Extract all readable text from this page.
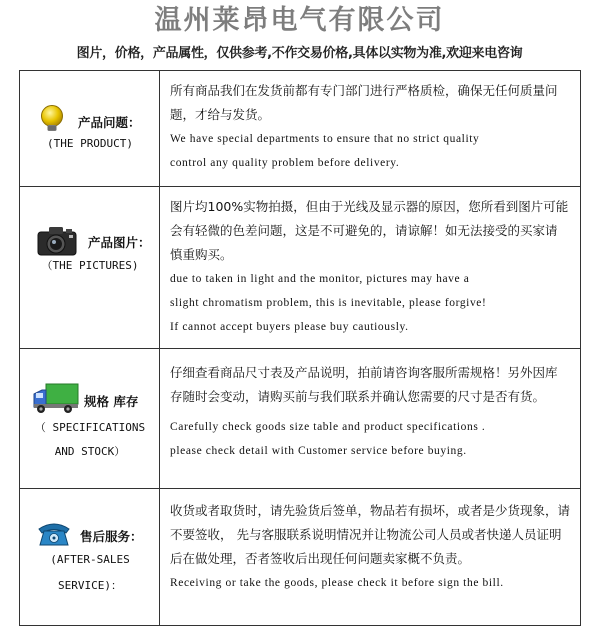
温州莱昂电气有限公司
图片，价格，产品属性，仅供参考,不作交易价格,具体以实物为准,欢迎来电咨询
产品问题：
(THE PRODUCT)

所有商品我们在发货前都有专门部门进行严格质检，确保无任何质量问

题，才给与发货。

We have special departments to ensure that no strict quality

control any quality problem before delivery.

产品图片：
（THE PICTURES)

图片均100%实物拍摄，但由于光线及显示器的原因，您所看到图片可能

会有轻微的色差问题，这是不可避免的，请谅解！如无法接受的买家请

慎重购买。

due to taken in light and the monitor, pictures may have a

slight chromatism problem, this is inevitable, please forgive!

If cannot accept buyers please buy cautiously.

规格 库存
（ SPECIFICATIONS
AND STOCK）

仔细查看商品尺寸表及产品说明，拍前请咨询客服所需规格！另外因库

存随时会变动，请购买前与我们联系并确认您需要的尺寸是否有货。

Carefully check goods size table and product specifications .

please check detail with Customer service before buying.

售后服务：
(AFTER-SALES
SERVICE)：

收货或者取货时，请先验货后签单，物品若有损坏，或者是少货现象，请

不要签收， 先与客服联系说明情况并让物流公司人员或者快递人员证明

后在做处理，否者签收后出现任何问题卖家概不负责。

Receiving or take the goods, please check it before sign the bill.
